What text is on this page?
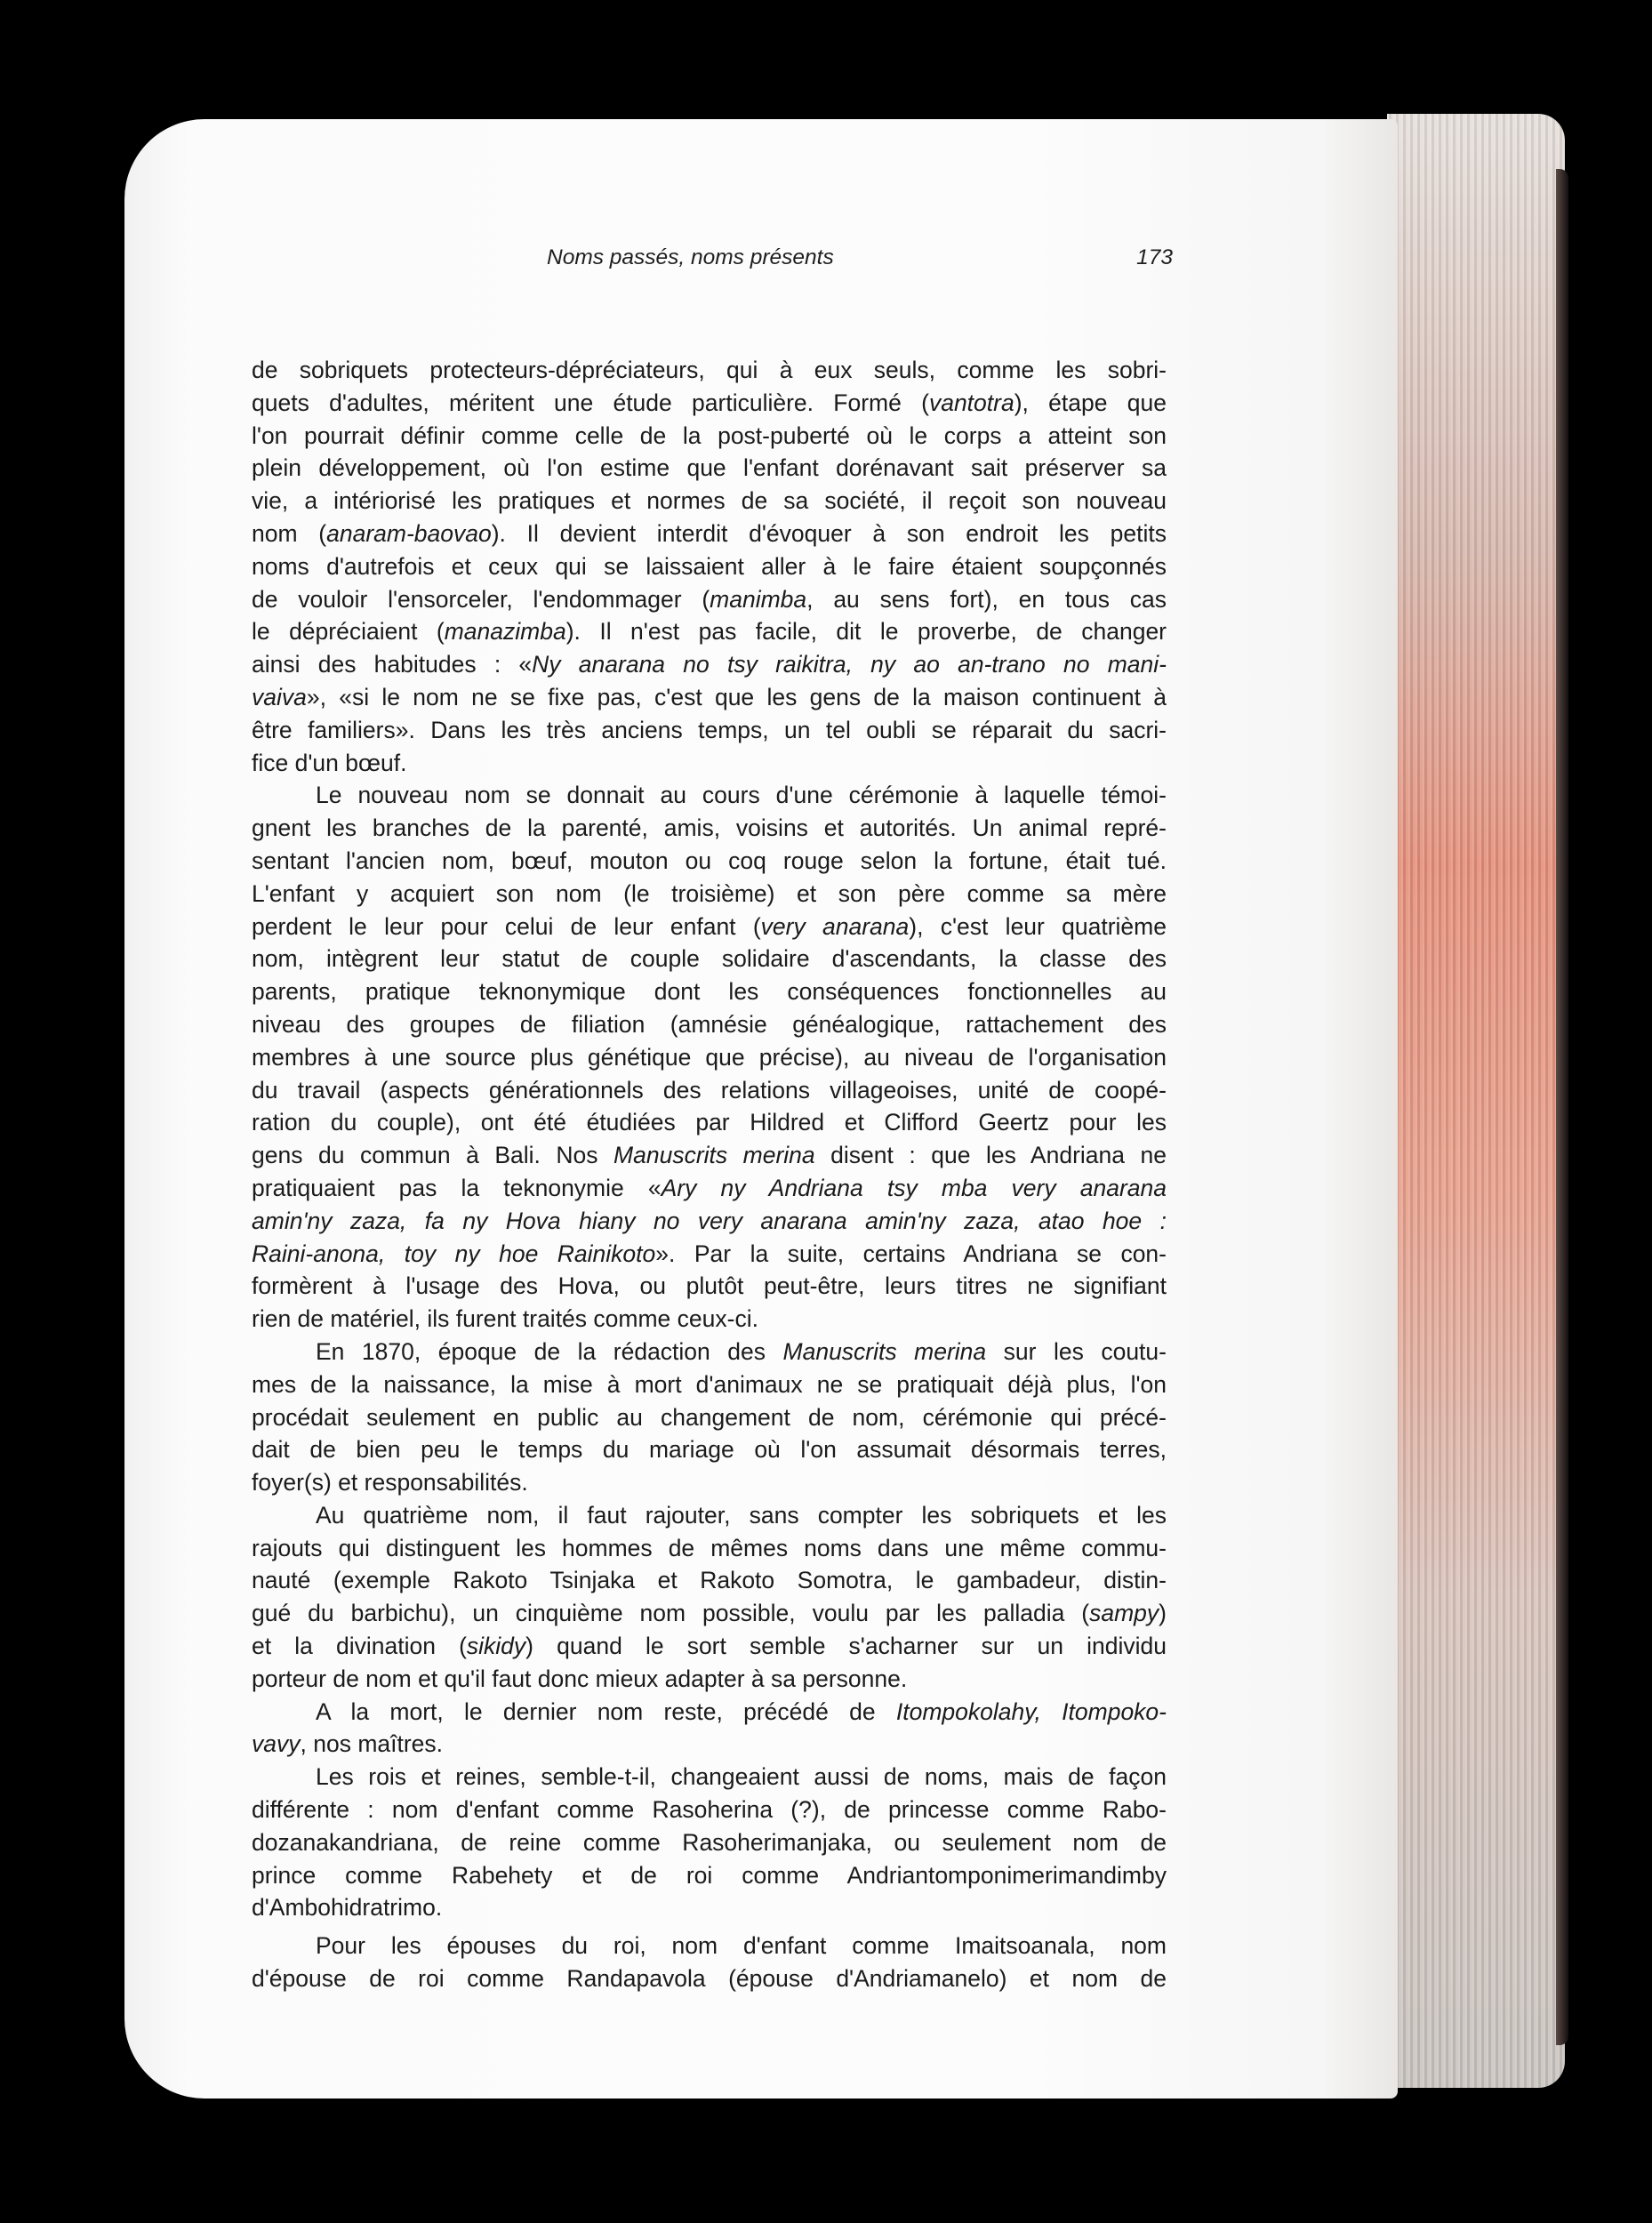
Noms passés, noms présents	173
de sobriquets protecteurs-dépréciateurs, qui à eux seuls, comme les sobri-
quets d'adultes, méritent une étude particulière. Formé (vantotra), étape que
l'on pourrait définir comme celle de la post-puberté où le corps a atteint son
plein développement, où l'on estime que l'enfant dorénavant sait préserver sa
vie, a intériorisé les pratiques et normes de sa société, il reçoit son nouveau
nom (anaram-baovao). Il devient interdit d'évoquer à son endroit les petits
noms d'autrefois et ceux qui se laissaient aller à le faire étaient soupçonnés
de vouloir l'ensorceler, l'endommager (manimba, au sens fort), en tous cas
le dépréciaient (manazimba). Il n'est pas facile, dit le proverbe, de changer
ainsi des habitudes : «Ny anarana no tsy raikitra, ny ao an-trano no mani-
vaiva», «si le nom ne se fixe pas, c'est que les gens de la maison continuent à
être familiers». Dans les très anciens temps, un tel oubli se réparait du sacri-
fice d'un bœuf.
Le nouveau nom se donnait au cours d'une cérémonie à laquelle témoi-
gnent les branches de la parenté, amis, voisins et autorités. Un animal repré-
sentant l'ancien nom, bœuf, mouton ou coq rouge selon la fortune, était tué.
L'enfant y acquiert son nom (le troisième) et son père comme sa mère
perdent le leur pour celui de leur enfant (very anarana), c'est leur quatrième
nom, intègrent leur statut de couple solidaire d'ascendants, la classe des
parents, pratique teknonymique dont les conséquences fonctionnelles au
niveau des groupes de filiation (amnésie généalogique, rattachement des
membres à une source plus génétique que précise), au niveau de l'organisation
du travail (aspects générationnels des relations villageoises, unité de coopé-
ration du couple), ont été étudiées par Hildred et Clifford Geertz pour les
gens du commun à Bali. Nos Manuscrits merina disent : que les Andriana ne
pratiquaient pas la teknonymie «Ary ny Andriana tsy mba very anarana
amin'ny zaza, fa ny Hova hiany no very anarana amin'ny zaza, atao hoe :
Raini-anona, toy ny hoe Rainikoto». Par la suite, certains Andriana se con-
formèrent à l'usage des Hova, ou plutôt peut-être, leurs titres ne signifiant
rien de matériel, ils furent traités comme ceux-ci.
En 1870, époque de la rédaction des Manuscrits merina sur les coutu-
mes de la naissance, la mise à mort d'animaux ne se pratiquait déjà plus, l'on
procédait seulement en public au changement de nom, cérémonie qui précé-
dait de bien peu le temps du mariage où l'on assumait désormais terres,
foyer(s) et responsabilités.
Au quatrième nom, il faut rajouter, sans compter les sobriquets et les
rajouts qui distinguent les hommes de mêmes noms dans une même commu-
nauté (exemple Rakoto Tsinjaka et Rakoto Somotra, le gambadeur, distin-
gué du barbichu), un cinquième nom possible, voulu par les palladia (sampy)
et la divination (sikidy) quand le sort semble s'acharner sur un individu
porteur de nom et qu'il faut donc mieux adapter à sa personne.
A la mort, le dernier nom reste, précédé de Itompokolahy, Itompoko-
vavy, nos maîtres.
Les rois et reines, semble-t-il, changeaient aussi de noms, mais de façon
différente : nom d'enfant comme Rasoherina (?), de princesse comme Rabo-
dozanakandriana, de reine comme Rasoherimanjaka, ou seulement nom de
prince comme Rabehety et de roi comme Andriantomponimerimandimby
d'Ambohidratrimo.
Pour les épouses du roi, nom d'enfant comme Imaitsoanala, nom
d'épouse de roi comme Randapavola (épouse d'Andriamanelo) et nom de
